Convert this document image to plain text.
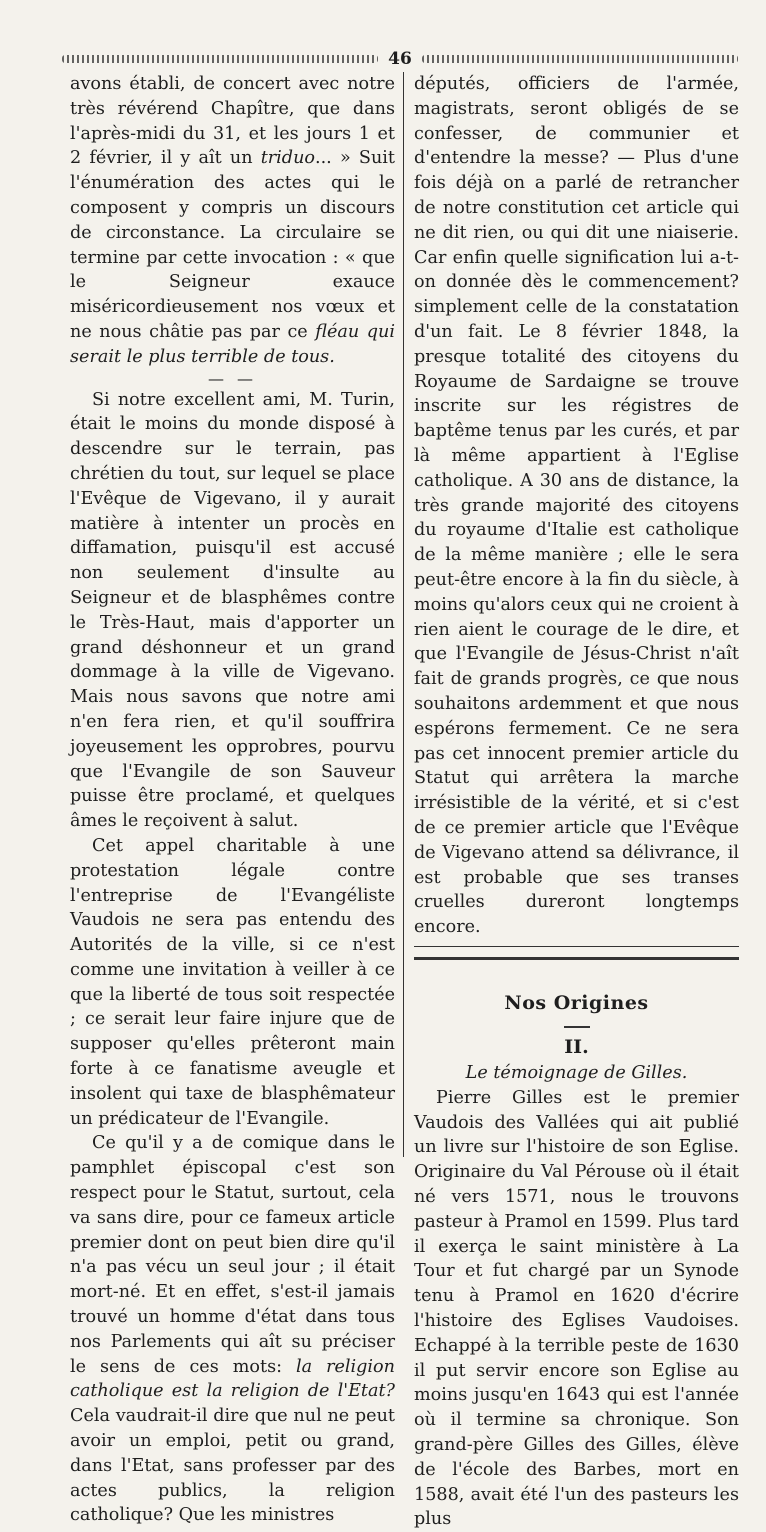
46

avons établi, de concert avec notre très révérend Chapître, que dans l'après-midi du 31, et les jours 1 et 2 février, il y aît un triduo... » Suit l'énumération des actes qui le composent y compris un discours de circonstance. La circulaire se termine par cette invocation : « que le Seigneur exauce miséricordieusement nos vœux et ne nous châtie pas par ce fléau qui serait le plus terrible de tous.

— —

Si notre excellent ami, M. Turin, était le moins du monde disposé à descendre sur le terrain, pas chrétien du tout, sur lequel se place l'Evêque de Vigevano, il y aurait matière à intenter un procès en diffamation, puisqu'il est accusé non seulement d'insulte au Seigneur et de blasphêmes contre le Très-Haut, mais d'apporter un grand déshonneur et un grand dommage à la ville de Vigevano. Mais nous savons que notre ami n'en fera rien, et qu'il souffrira joyeusement les opprobres, pourvu que l'Evangile de son Sauveur puisse être proclamé, et quelques âmes le reçoivent à salut.

Cet appel charitable à une protestation légale contre l'entreprise de l'Evangéliste Vaudois ne sera pas entendu des Autorités de la ville, si ce n'est comme une invitation à veiller à ce que la liberté de tous soit respectée ; ce serait leur faire injure que de supposer qu'elles prêteront main forte à ce fanatisme aveugle et insolent qui taxe de blasphêmateur un prédicateur de l'Evangile.

Ce qu'il y a de comique dans le pamphlet épiscopal c'est son respect pour le Statut, surtout, cela va sans dire, pour ce fameux article premier dont on peut bien dire qu'il n'a pas vécu un seul jour ; il était mort-né. Et en effet, s'est-il jamais trouvé un homme d'état dans tous nos Parlements qui aît su préciser le sens de ces mots: la religion catholique est la religion de l'Etat? Cela vaudrait-il dire que nul ne peut avoir un emploi, petit ou grand, dans l'Etat, sans professer par des actes publics, la religion catholique? Que les ministres

députés, officiers de l'armée, magistrats, seront obligés de se confesser, de communier et d'entendre la messe? — Plus d'une fois déjà on a parlé de retrancher de notre constitution cet article qui ne dit rien, ou qui dit une niaiserie. Car enfin quelle signification lui a-t-on donnée dès le commencement? simplement celle de la constatation d'un fait. Le 8 février 1848, la presque totalité des citoyens du Royaume de Sardaigne se trouve inscrite sur les régistres de baptême tenus par les curés, et par là même appartient à l'Eglise catholique. A 30 ans de distance, la très grande majorité des citoyens du royaume d'Italie est catholique de la même manière ; elle le sera peut-être encore à la fin du siècle, à moins qu'alors ceux qui ne croient à rien aient le courage de le dire, et que l'Evangile de Jésus-Christ n'aît fait de grands progrès, ce que nous souhaitons ardemment et que nous espérons fermement. Ce ne sera pas cet innocent premier article du Statut qui arrêtera la marche irrésistible de la vérité, et si c'est de ce premier article que l'Evêque de Vigevano attend sa délivrance, il est probable que ses transes cruelles dureront longtemps encore.

Nos Origines
II.
Le témoignage de Gilles.

Pierre Gilles est le premier Vaudois des Vallées qui ait publié un livre sur l'histoire de son Eglise. Originaire du Val Pérouse où il était né vers 1571, nous le trouvons pasteur à Pramol en 1599. Plus tard il exerça le saint ministère à La Tour et fut chargé par un Synode tenu à Pramol en 1620 d'écrire l'histoire des Eglises Vaudoises. Echappé à la terrible peste de 1630 il put servir encore son Eglise au moins jusqu'en 1643 qui est l'année où il termine sa chronique. Son grand-père Gilles des Gilles, élève de l'école des Barbes, mort en 1588, avait été l'un des pasteurs les plus
